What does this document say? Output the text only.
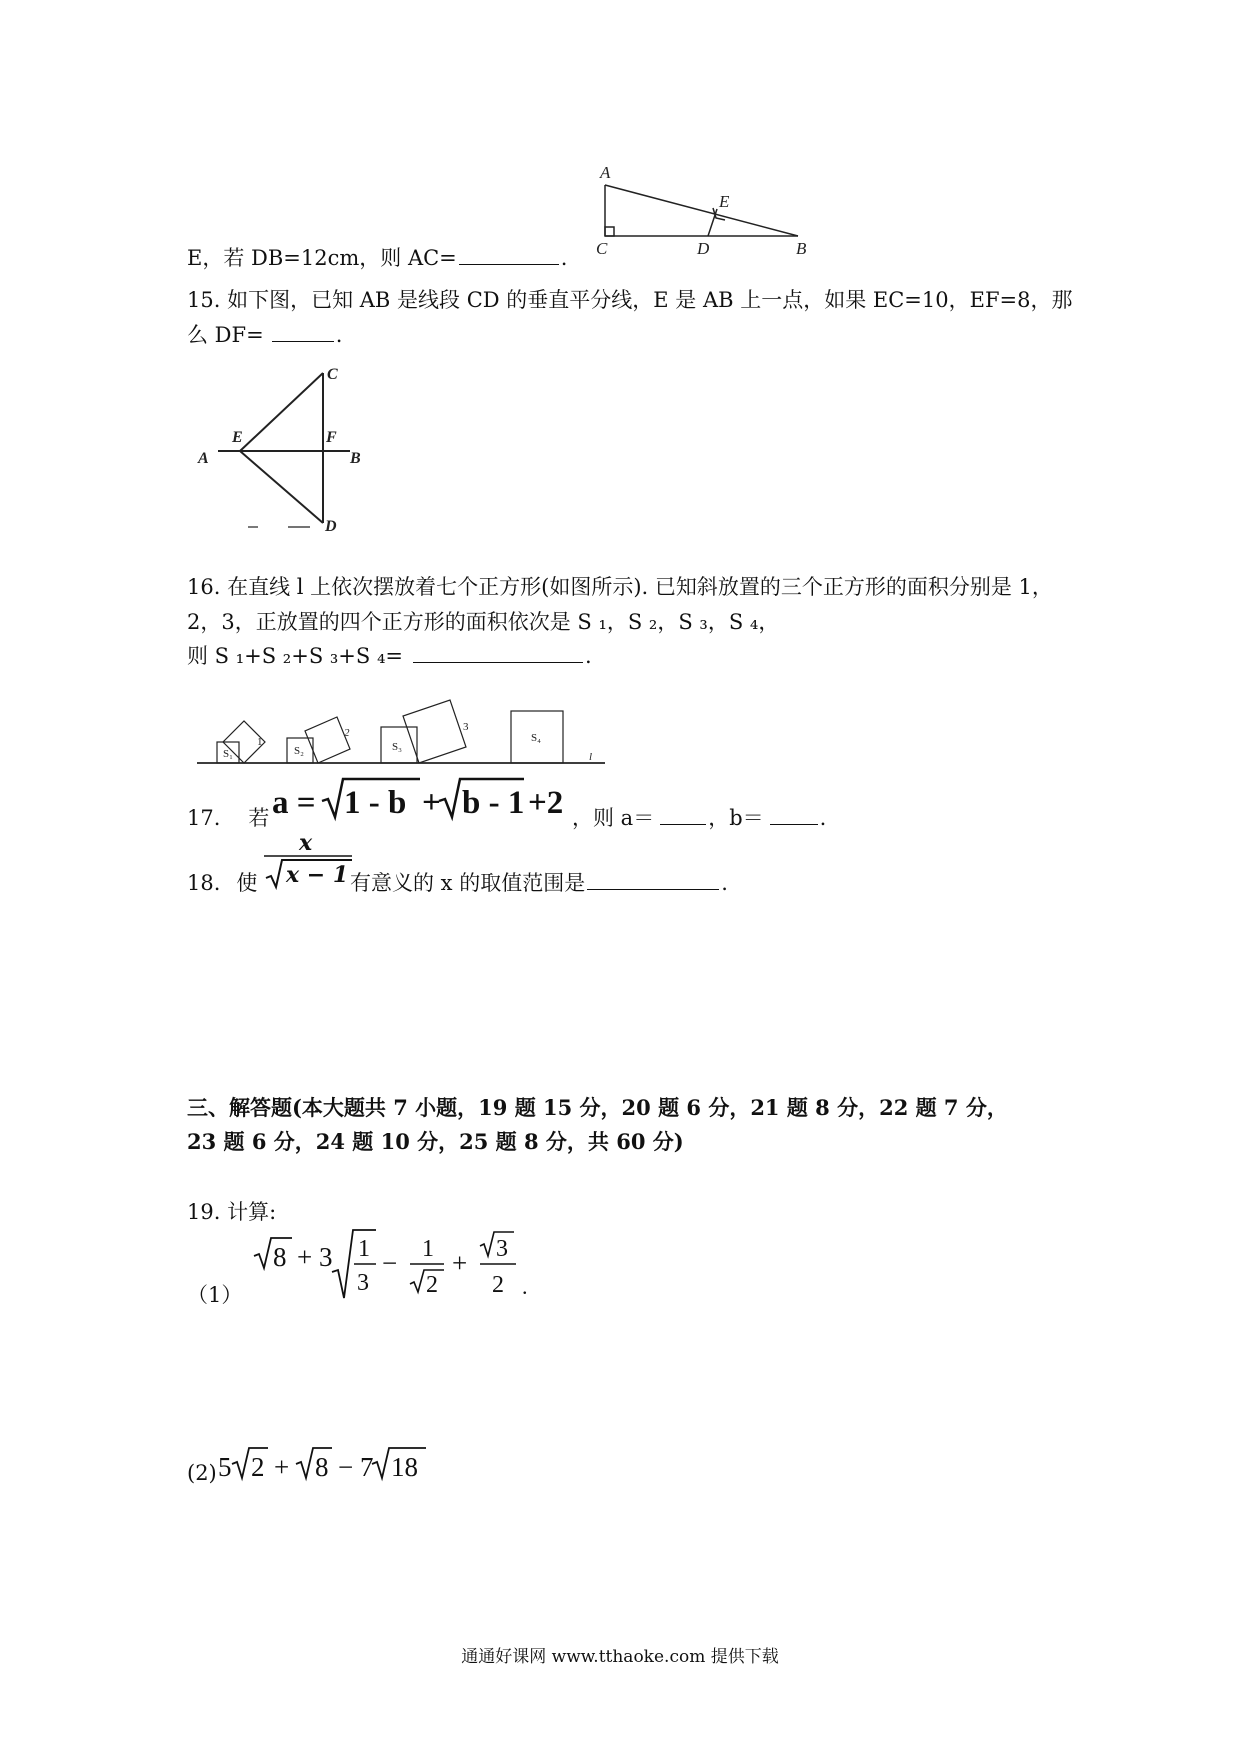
E，若 DB=12cm，则 AC=	.
A
E
C	D	B
15. 如下图，已知 AB 是线段 CD 的垂直平分线，E 是 AB 上一点，如果 EC=10，EF=8，那
么 DF=	.
C
E	F
A	B
D
16. 在直线 l 上依次摆放着七个正方形(如图所示). 已知斜放置的三个正方形的面积分别是 1，
2，3，正放置的四个正方形的面积依次是 S ₁，S ₂，S ₃，S ₄，
则 S ₁+S ₂+S ₃+S ₄=	.
S₁
1
S₂
2
S₃
3
S₄
l
17. 若 a = 1 - b + b - 1 +2 ，则 a＝	，b＝	.
18. 使
x
x − 1 有意义的 x 的取值范围是	.
三、解答题(本大题共 7 小题，19 题 15 分，20 题 6 分，21 题 8 分，22 题 7 分，
23 题 6 分，24 题 10 分，25 题 8 分，共 60 分)
19. 计算:
（1）
8 + 3 1
3
− 1
2
+ 3
2 .
(2) 5 2 + 8 − 7 18
通通好课网 www.tthaoke.com 提供下载
